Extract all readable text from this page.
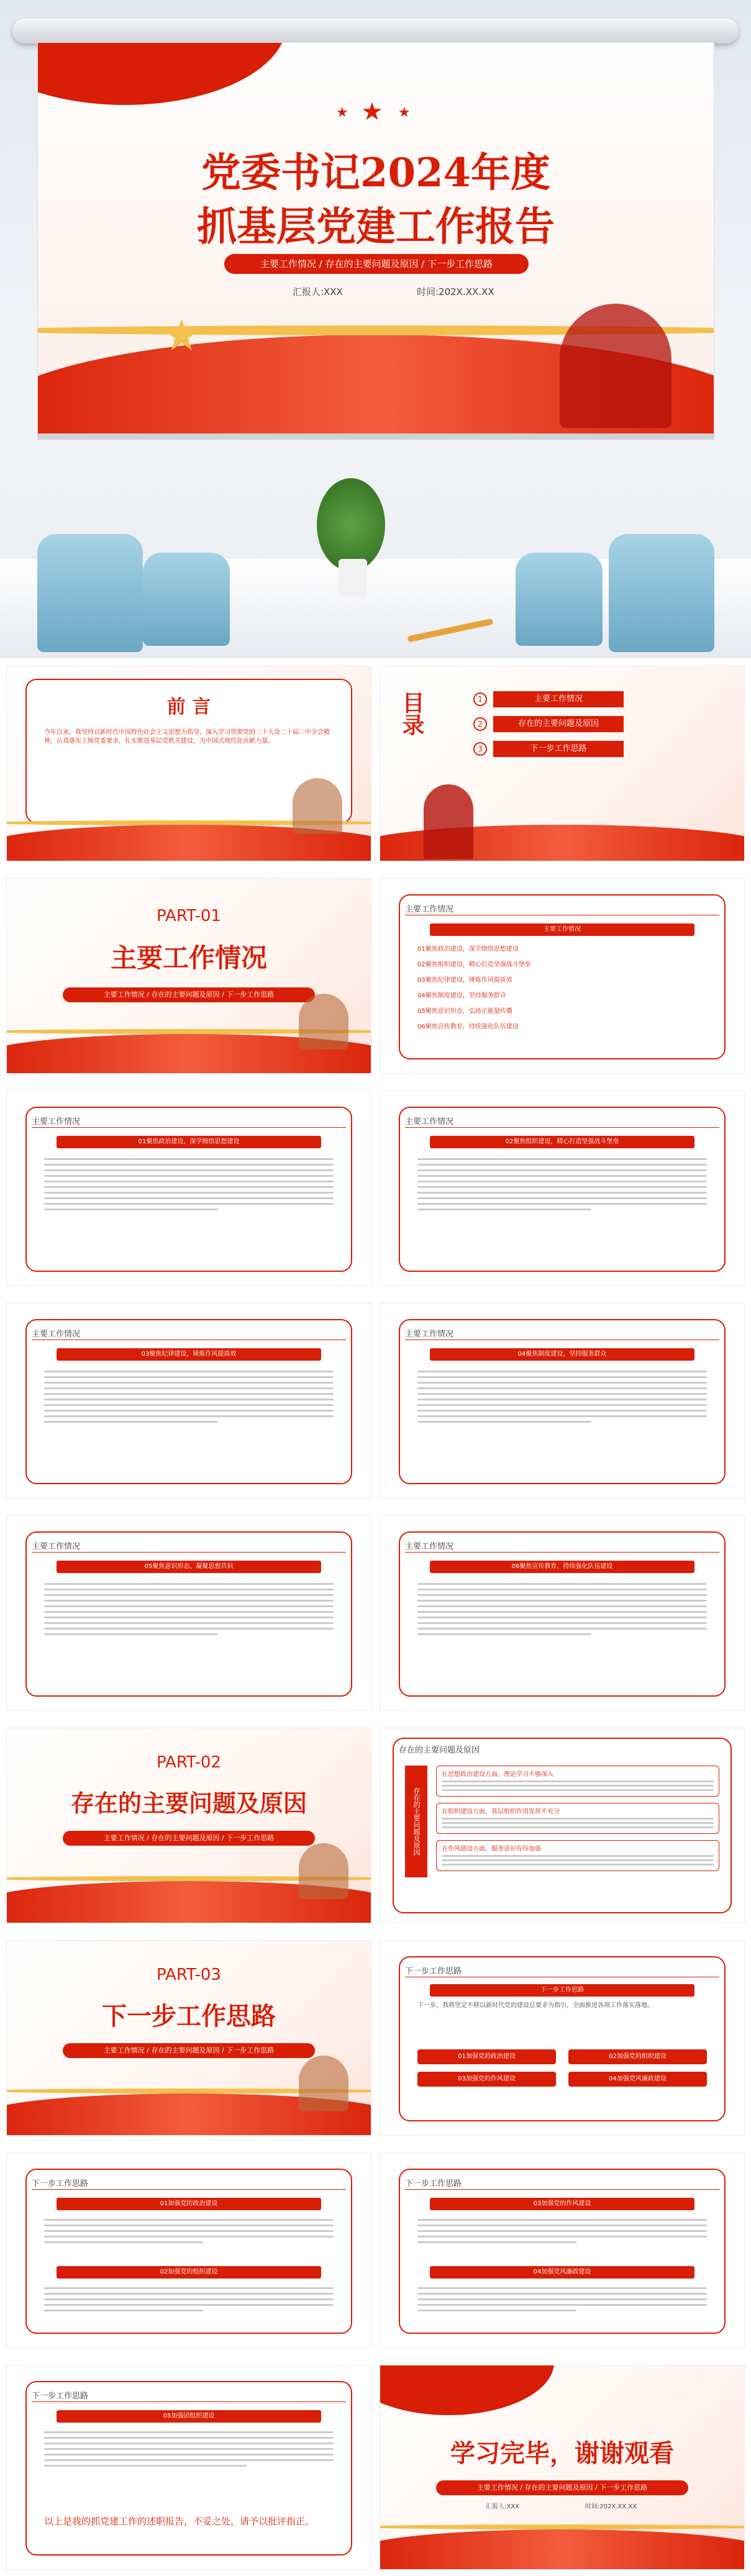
★
★	★
党委书记2024年度
抓基层党建工作报告
主要工作情况 / 存在的主要问题及原因 / 下一步工作思路
汇报人:XXX	时间:202X.XX.XX
★
前 言
今年以来，我坚持以新时代中国特色社会主义思想为指导，深入学习贯彻党的二十大及二十届三中全会精神，认真落实上级党委要求，扎实推进基层党机关建设，为中国式现代化贡献力量。
目录	1	主要工作情况
2	存在的主要问题及原因
3	下一步工作思路
PART-01
主要工作情况
主要工作情况 / 存在的主要问题及原因 / 下一步工作思路
主要工作情况
主要工作情况
01聚焦政治建设，深学细悟思想建设
02聚焦组织建设，精心打造坚强战斗堡垒
03聚焦纪律建设，锤炼作风提质效
04聚焦制度建设，坚持服务群众
05聚焦意识形态，弘扬正能量传播
06聚焦宣传教育，持续强化队伍建设
主要工作情况
01聚焦政治建设，深学细悟思想建设
主要工作情况
02聚焦组织建设，精心打造坚强战斗堡垒
主要工作情况
03聚焦纪律建设，锤炼作风提质效
主要工作情况
04聚焦制度建设，坚持服务群众
主要工作情况
05聚焦意识形态，凝聚思想共识
主要工作情况
06聚焦宣传教育，持续强化队伍建设
PART-02
存在的主要问题及原因
主要工作情况 / 存在的主要问题及原因 / 下一步工作思路
存在的主要问题及原因
存在的主要问题及原因
在思想政治建设方面，理论学习不够深入
在组织建设方面，基层组织作用发挥不充分
在作风建设方面，服务意识有待加强
PART-03
下一步工作思路
主要工作情况 / 存在的主要问题及原因 / 下一步工作思路
下一步工作思路
下一步工作思路
下一步，我将坚定不移以新时代党的建设总要求为指引，全面推进各项工作落实落地。
01加强党的政治建设	02加强党的组织建设
03加强党的作风建设	04加强党风廉政建设
下一步工作思路
01加强党的政治建设
02加强党的组织建设
下一步工作思路
03加强党的作风建设
04加强党风廉政建设
下一步工作思路
05加强团组织建设
以上是我的抓党建工作的述职报告，不妥之处，请予以批评指正。
学习完毕，谢谢观看
主要工作情况 / 存在的主要问题及原因 / 下一步工作思路
汇报人:XXX	时间:202X.XX.XX
